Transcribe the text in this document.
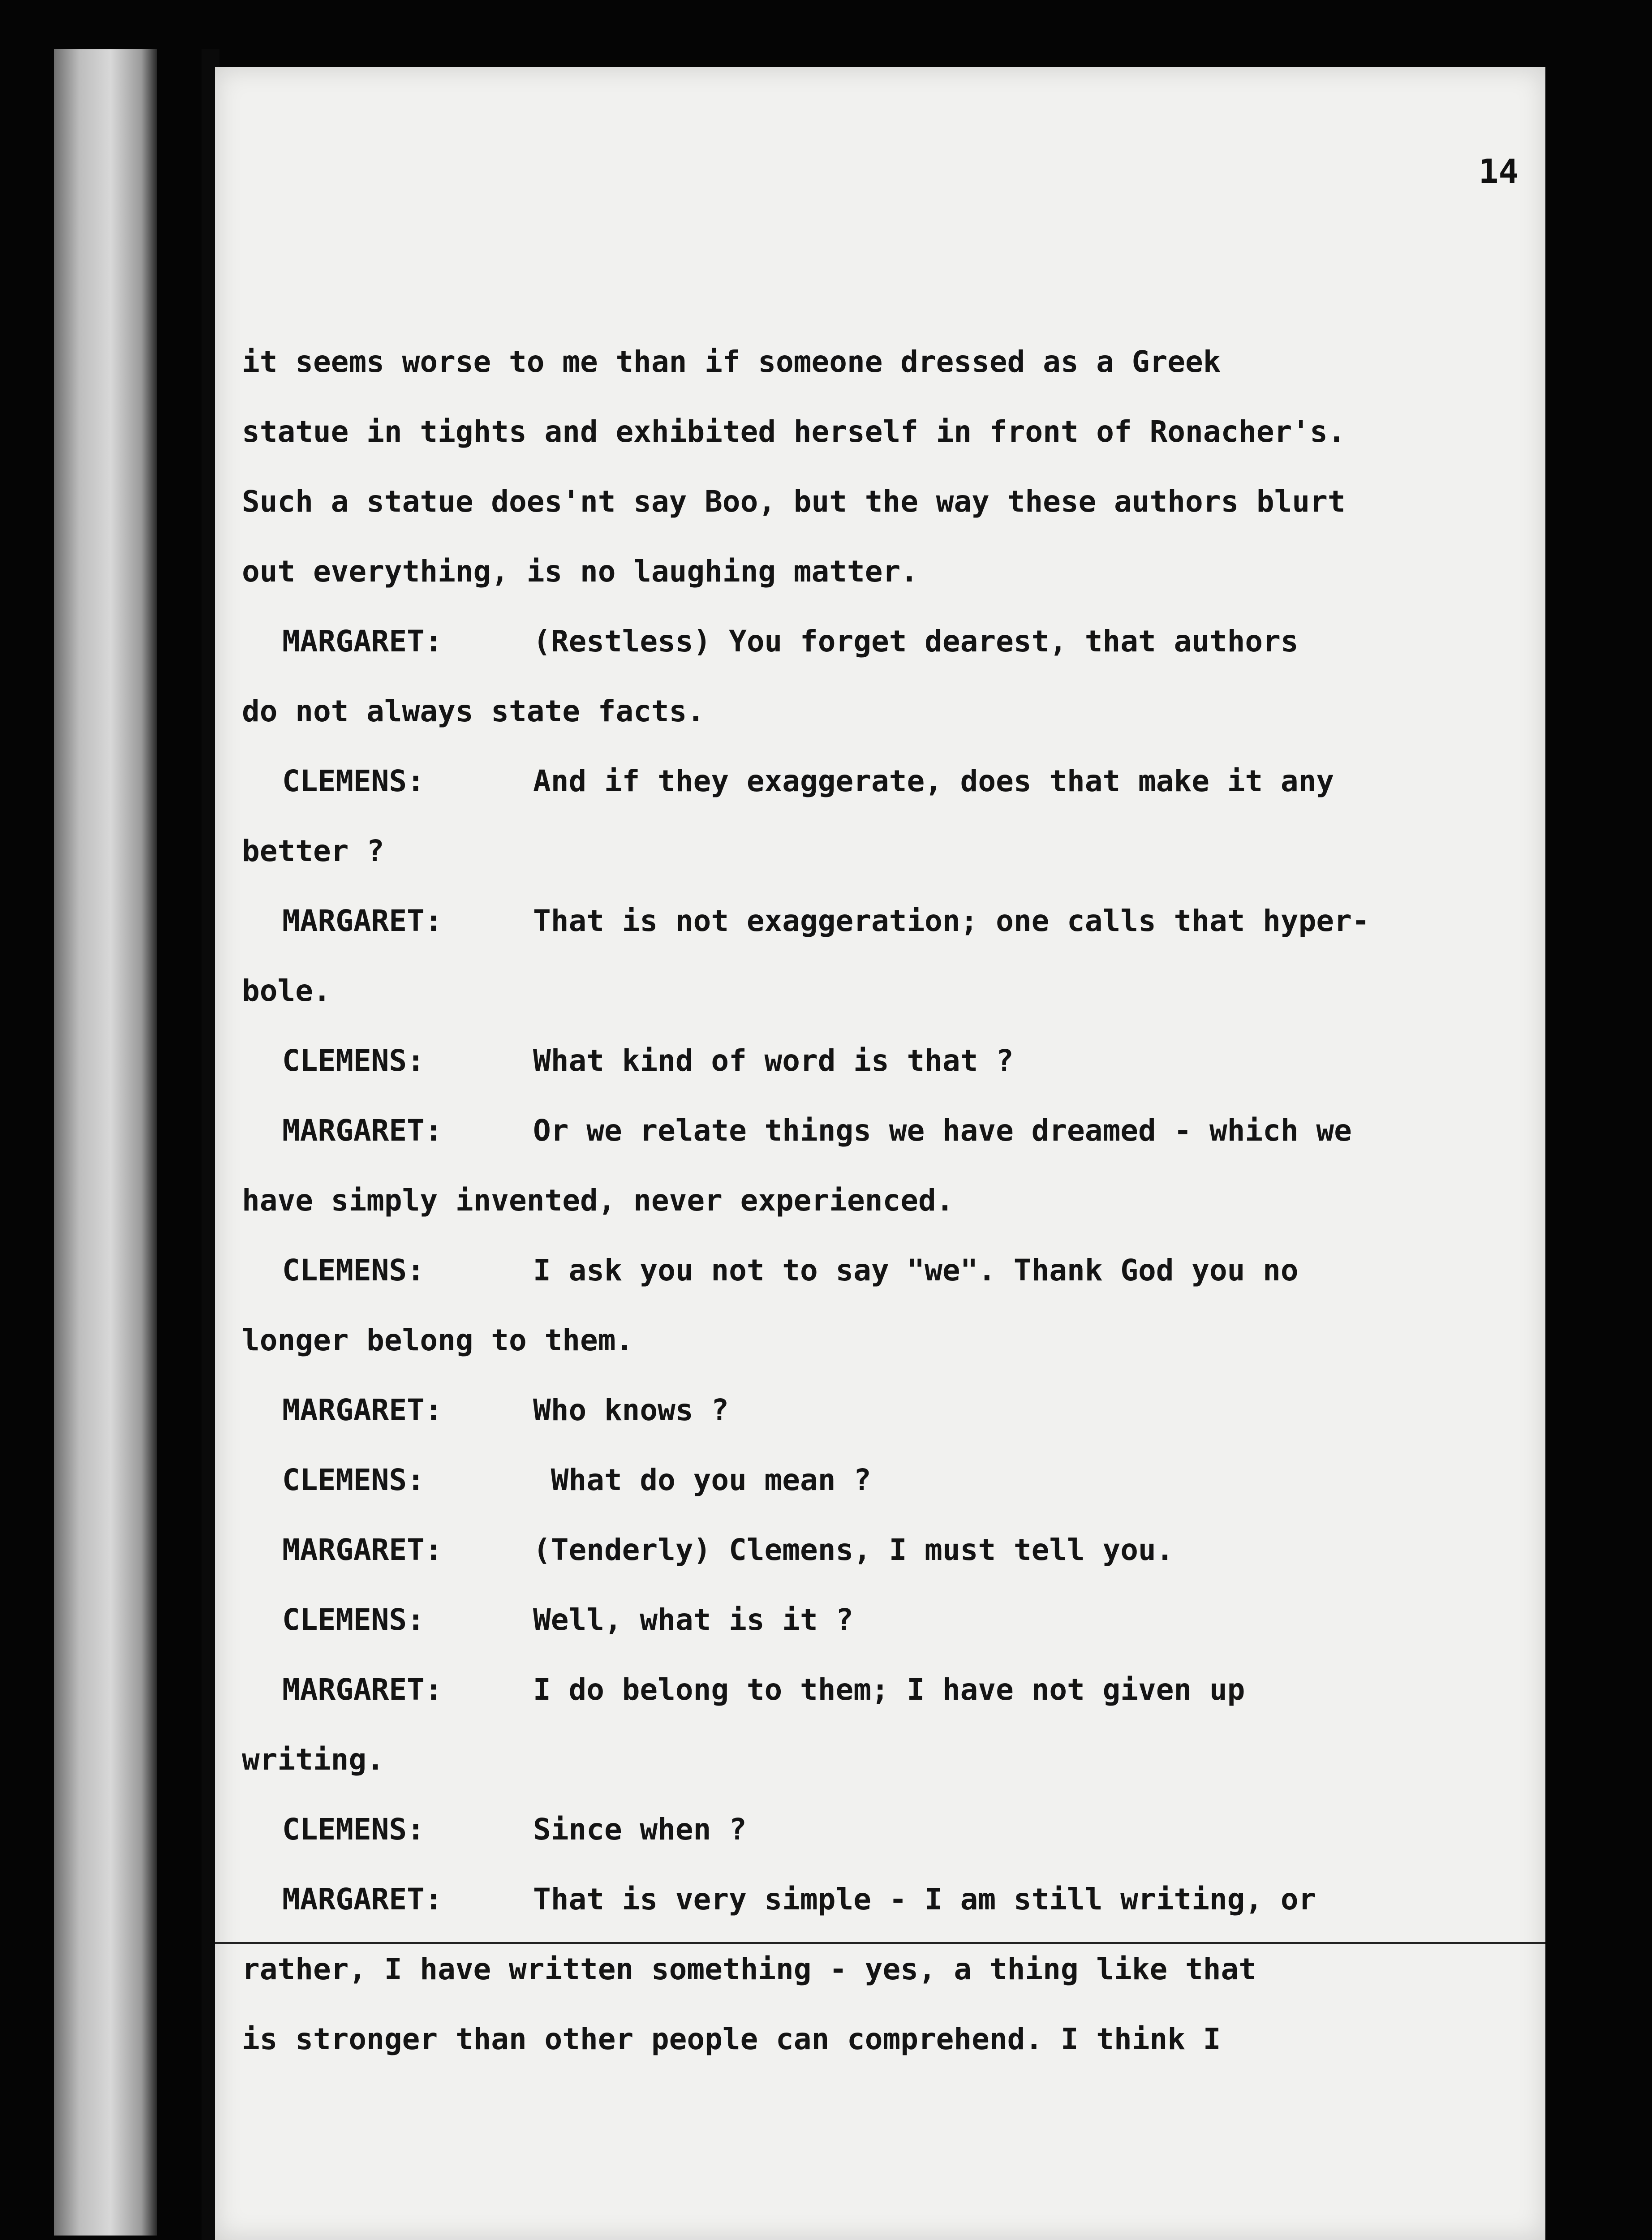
14
it seems worse to me than if someone dressed as a Greek
statue in tights and exhibited herself in front of Ronacher's.
Such a statue does'nt say Boo, but the way these authors blurt
out everything, is no laughing matter.
MARGARET:	(Restless) You forget dearest, that authors
do not always state facts.
CLEMENS:	And if they exaggerate, does that make it any
better ?
MARGARET:	That is not exaggeration; one calls that hyper-
bole.
CLEMENS:	What kind of word is that ?
MARGARET:	Or we relate things we have dreamed - which we
have simply invented, never experienced.
CLEMENS:	I ask you not to say "we". Thank God you no
longer belong to them.
MARGARET:	Who knows ?
CLEMENS:	What do you mean ?
MARGARET:	(Tenderly) Clemens, I must tell you.
CLEMENS:	Well, what is it ?
MARGARET:	I do belong to them; I have not given up
writing.
CLEMENS:	Since when ?
MARGARET:	That is very simple - I am still writing, or
rather, I have written something - yes, a thing like that
is stronger than other people can comprehend. I think I
